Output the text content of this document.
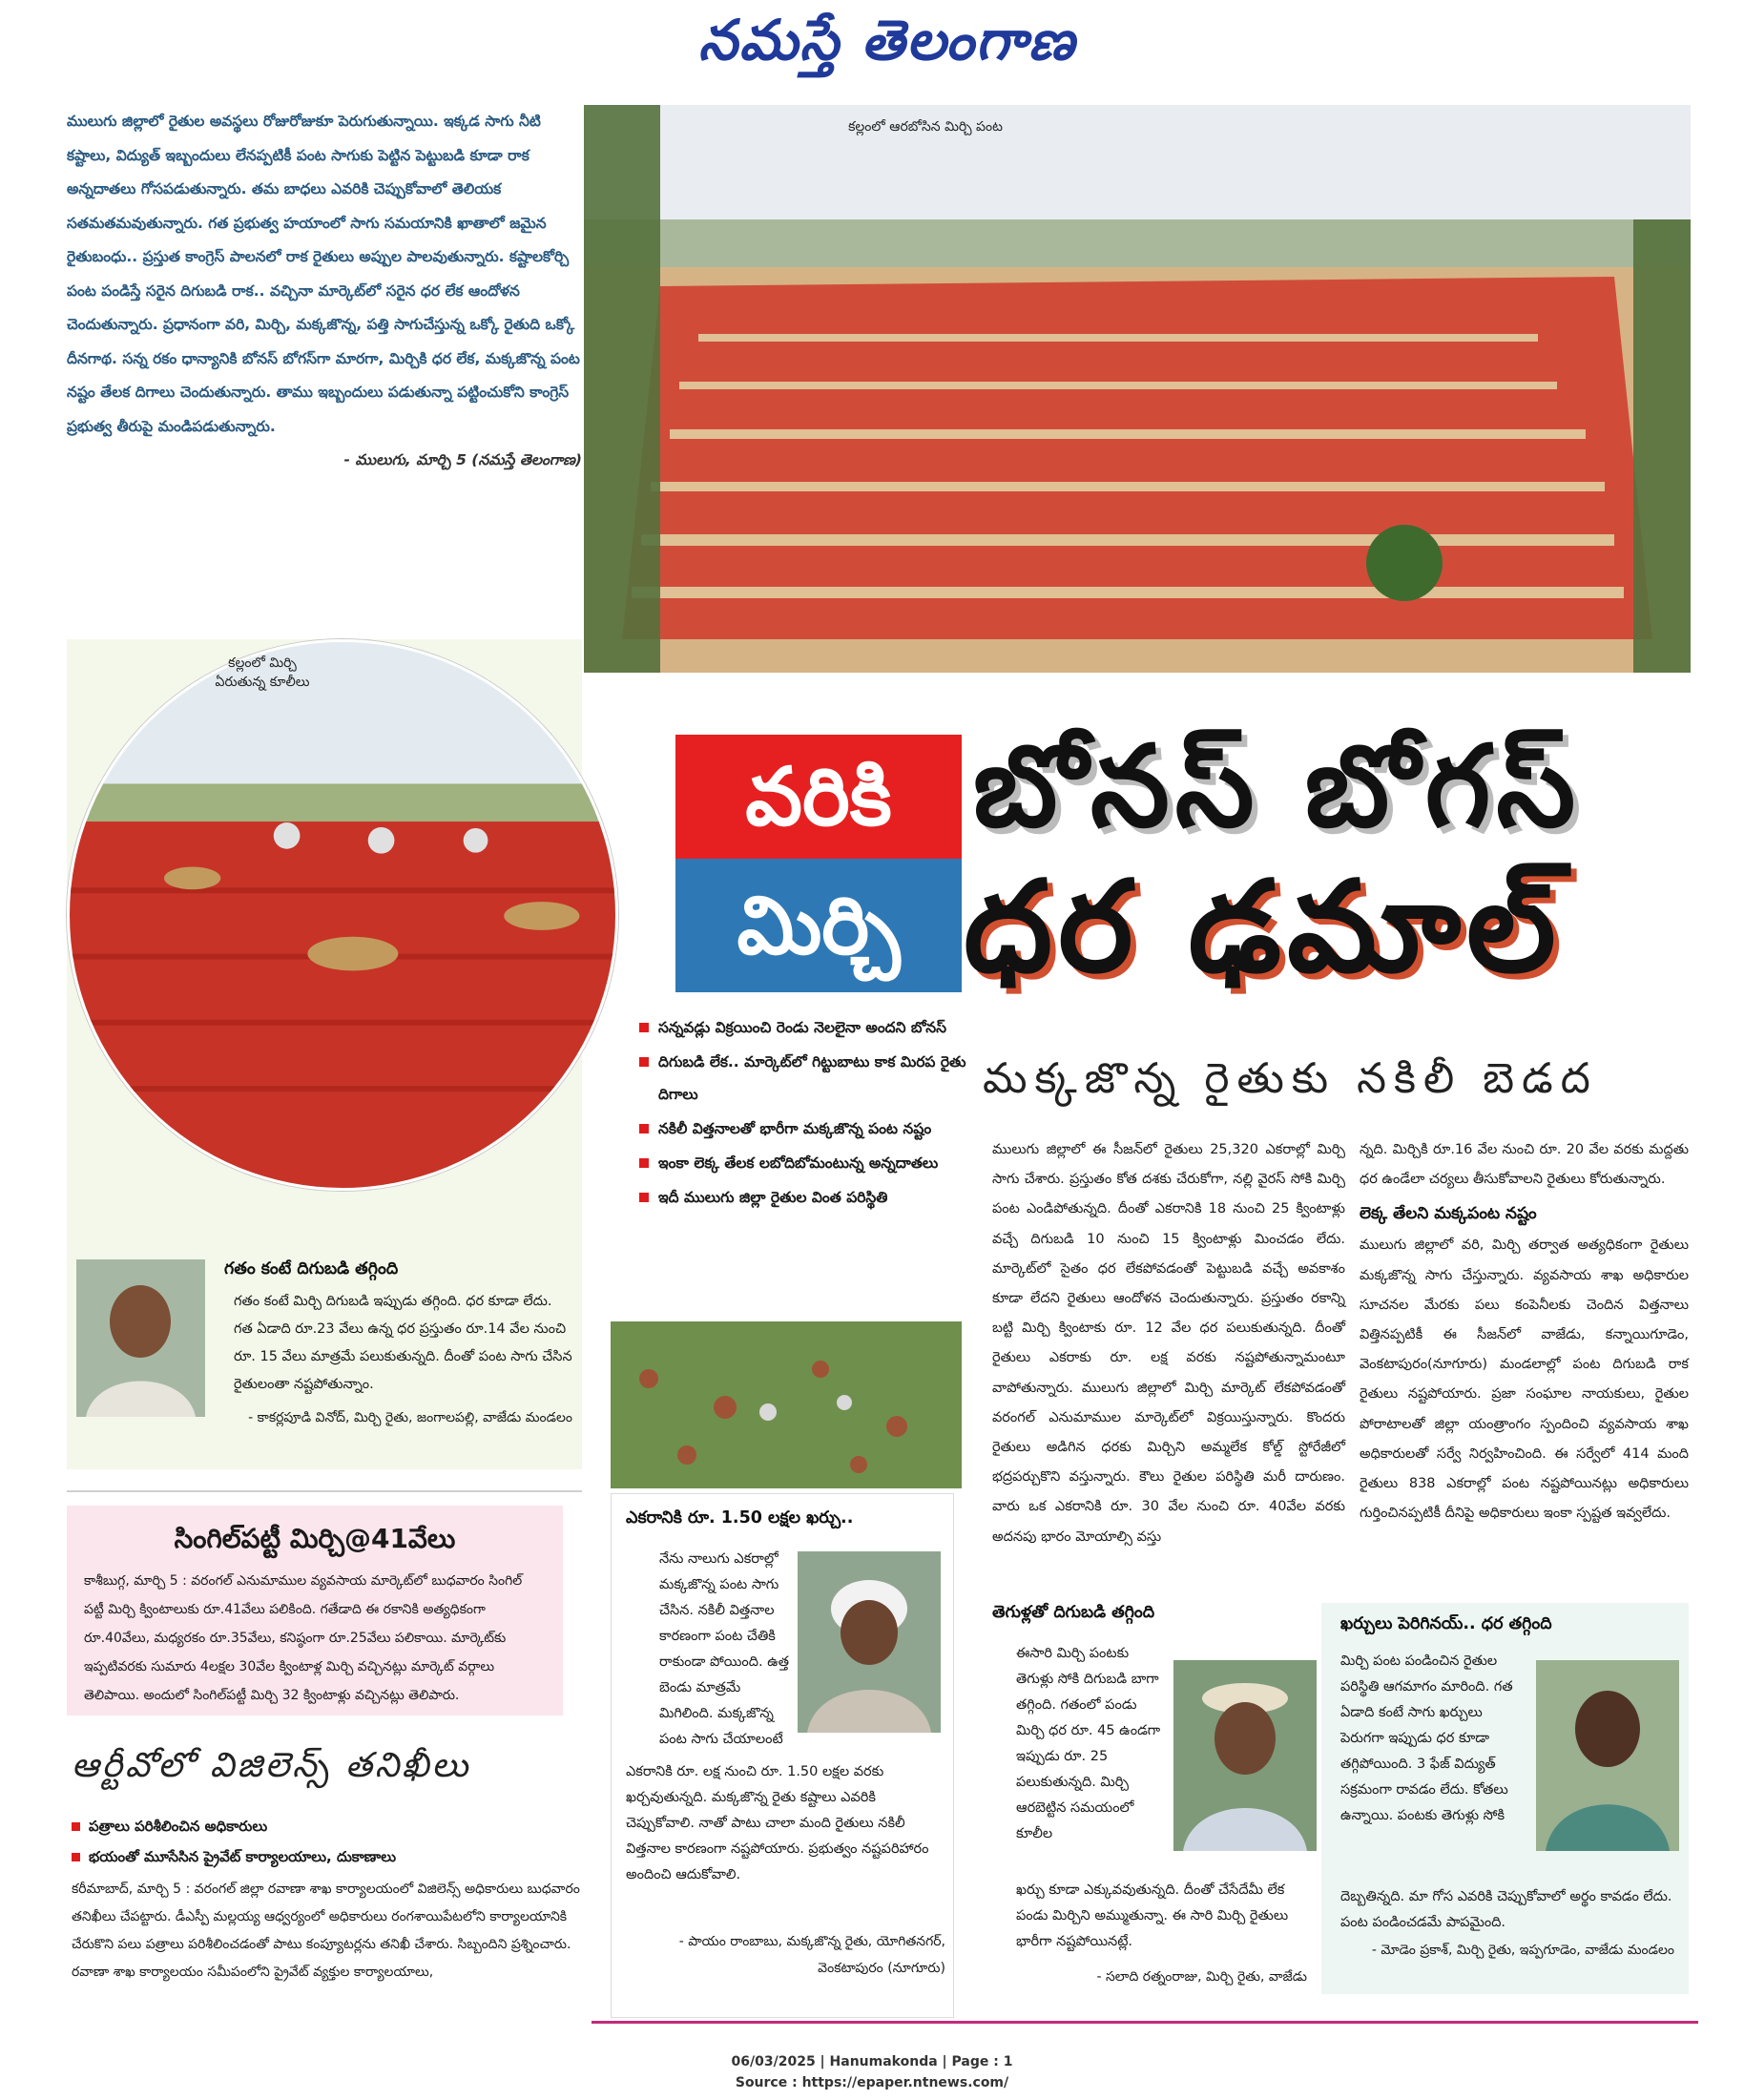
నమస్తే తెలంగాణ
ములుగు జిల్లాలో రైతుల అవస్థలు రోజురోజుకూ పెరుగుతున్నాయి. ఇక్కడ సాగు నీటి కష్టాలు, విద్యుత్ ఇబ్బందులు లేనప్పటికీ పంట సాగుకు పెట్టిన పెట్టుబడి కూడా రాక అన్నదాతలు గోసపడుతున్నారు. తమ బాధలు ఎవరికి చెప్పుకోవాలో తెలియక సతమతమవుతున్నారు. గత ప్రభుత్వ హయాంలో సాగు సమయానికి ఖాతాలో జమైన రైతుబంధు.. ప్రస్తుత కాంగ్రెస్ పాలనలో రాక రైతులు అప్పుల పాలవుతున్నారు. కష్టాలకోర్చి పంట పండిస్తే సరైన దిగుబడి రాక.. వచ్చినా మార్కెట్‌లో సరైన ధర లేక ఆందోళన చెందుతున్నారు. ప్రధానంగా వరి, మిర్చి, మక్కజొన్న, పత్తి సాగుచేస్తున్న ఒక్కో రైతుది ఒక్కో దీనగాథ. సన్న రకం ధాన్యానికి బోనస్ బోగస్‌గా మారగా, మిర్చికి ధర లేక, మక్కజొన్న పంట నష్టం తేలక దిగాలు చెందుతున్నారు. తాము ఇబ్బందులు పడుతున్నా పట్టించుకోని కాంగ్రెస్ ప్రభుత్వ తీరుపై మండిపడుతున్నారు.
- ములుగు, మార్చి 5 (నమస్తే తెలంగాణ)
కల్లంలో ఆరబోసిన మిర్చి పంట
కల్లంలో మిర్చి
ఏరుతున్న కూలీలు
వరికి
మిర్చి
బోనస్ బోగస్
ధర ఢమాల్
సన్నవడ్లు విక్రయించి రెండు నెలలైనా అందని బోనస్
దిగుబడి లేక.. మార్కెట్‌లో గిట్టుబాటు కాక మిరప రైతు దిగాలు
నకిలీ విత్తనాలతో భారీగా మక్కజొన్న పంట నష్టం
ఇంకా లెక్క తేలక లబోదిబోమంటున్న అన్నదాతలు
ఇదీ ములుగు జిల్లా రైతుల వింత పరిస్థితి
మక్కజొన్న రైతుకు నకిలీ బెడద
ములుగు జిల్లాలో ఈ సీజన్‌లో రైతులు 25,320 ఎకరాల్లో మిర్చి సాగు చేశారు. ప్రస్తుతం కోత దశకు చేరుకోగా, నల్లి వైరస్ సోకి మిర్చి పంట ఎండిపోతున్నది. దీంతో ఎకరానికి 18 నుంచి 25 క్వింటాళ్లు వచ్చే దిగుబడి 10 నుంచి 15 క్వింటాళ్లు మించడం లేదు. మార్కెట్‌లో సైతం ధర లేకపోవడంతో పెట్టుబడి వచ్చే అవకాశం కూడా లేదని రైతులు ఆందోళన చెందుతున్నారు. ప్రస్తుతం రకాన్ని బట్టి మిర్చి క్వింటాకు రూ. 12 వేల ధర పలుకుతున్నది. దీంతో రైతులు ఎకరాకు రూ. లక్ష వరకు నష్టపోతున్నామంటూ వాపోతున్నారు. ములుగు జిల్లాలో మిర్చి మార్కెట్ లేకపోవడంతో వరంగల్ ఎనుమాముల మార్కెట్‌లో విక్రయిస్తున్నారు. కొందరు రైతులు అడిగిన ధరకు మిర్చిని అమ్మలేక కోల్డ్ స్టోరేజీలో భద్రపర్చుకొని వస్తున్నారు. కౌలు రైతుల పరిస్థితి మరీ దారుణం. వారు ఒక ఎకరానికి రూ. 30 వేల నుంచి రూ. 40వేల వరకు అదనపు భారం మోయాల్సి వస్తు
న్నది. మిర్చికి రూ.16 వేల నుంచి రూ. 20 వేల వరకు మద్దతు ధర ఉండేలా చర్యలు తీసుకోవాలని రైతులు కోరుతున్నారు.
లెక్క తేలని మక్కపంట నష్టం
ములుగు జిల్లాలో వరి, మిర్చి తర్వాత అత్యధికంగా రైతులు మక్కజొన్న సాగు చేస్తున్నారు. వ్యవసాయ శాఖ అధికారుల సూచనల మేరకు పలు కంపెనీలకు చెందిన విత్తనాలు విత్తినప్పటికీ ఈ సీజన్‌లో వాజేడు, కన్నాయిగూడెం, వెంకటాపురం(నూగూరు) మండలాల్లో పంట దిగుబడి రాక రైతులు నష్టపోయారు. ప్రజా సంఘాల నాయకులు, రైతుల పోరాటాలతో జిల్లా యంత్రాంగం స్పందించి వ్యవసాయ శాఖ అధికారులతో సర్వే నిర్వహించింది. ఈ సర్వేలో 414 మంది రైతులు 838 ఎకరాల్లో పంట నష్టపోయినట్లు అధికారులు గుర్తించినప్పటికీ దీనిపై అధికారులు ఇంకా స్పష్టత ఇవ్వలేదు.
గతం కంటే దిగుబడి తగ్గింది
గతం కంటే మిర్చి దిగుబడి ఇప్పుడు తగ్గింది. ధర కూడా లేదు. గత ఏడాది రూ.23 వేలు ఉన్న ధర ప్రస్తుతం రూ.14 వేల నుంచి రూ. 15 వేలు మాత్రమే పలుకుతున్నది. దీంతో పంట సాగు చేసిన రైతులంతా నష్టపోతున్నాం.
- కాకర్లపూడి వినోద్, మిర్చి రైతు, జంగాలపల్లి, వాజేడు మండలం
సింగిల్‌పట్టీ మిర్చి@41వేలు
కాశీబుగ్గ, మార్చి 5 : వరంగల్ ఎనుమాముల వ్యవసాయ మార్కెట్‌లో బుధవారం సింగిల్ పట్టీ మిర్చి క్వింటాలుకు రూ.41వేలు పలికింది. గతేడాది ఈ రకానికి అత్యధికంగా రూ.40వేలు, మధ్యరకం రూ.35వేలు, కనిష్ఠంగా రూ.25వేలు పలికాయి. మార్కెట్‌కు ఇప్పటివరకు సుమారు 4లక్షల 30వేల క్వింటాళ్ల మిర్చి వచ్చినట్లు మార్కెట్ వర్గాలు తెలిపాయి. అందులో సింగిల్‌పట్టీ మిర్చి 32 క్వింటాళ్లు వచ్చినట్లు తెలిపారు.
ఆర్టీవోలో విజిలెన్స్ తనిఖీలు
పత్రాలు పరిశీలించిన అధికారులు
భయంతో మూసేసిన ప్రైవేట్ కార్యాలయాలు, దుకాణాలు
కరీమాబాద్, మార్చి 5 : వరంగల్ జిల్లా రవాణా శాఖ కార్యాలయంలో విజిలెన్స్ అధికారులు బుధవారం తనిఖీలు చేపట్టారు. డీఎస్పీ మల్లయ్య ఆధ్వర్యంలో అధికారులు రంగశాయిపేటలోని కార్యాలయానికి చేరుకొని పలు పత్రాలు పరిశీలించడంతో పాటు కంప్యూటర్లను తనిఖీ చేశారు. సిబ్బందిని ప్రశ్నించారు. రవాణా శాఖ కార్యాలయం సమీపంలోని ప్రైవేట్ వ్యక్తుల కార్యాలయాలు,
ఎకరానికి రూ. 1.50 లక్షల ఖర్చు..
నేను నాలుగు ఎకరాల్లో మక్కజొన్న పంట సాగు చేసిన. నకిలీ విత్తనాల కారణంగా పంట చేతికి రాకుండా పోయింది. ఉత్త బెండు మాత్రమే మిగిలింది. మక్కజొన్న పంట సాగు చేయాలంటే
ఎకరానికి రూ. లక్ష నుంచి రూ. 1.50 లక్షల వరకు ఖర్చవుతున్నది. మక్కజొన్న రైతు కష్టాలు ఎవరికి చెప్పుకోవాలి. నాతో పాటు చాలా మంది రైతులు నకిలీ విత్తనాల కారణంగా నష్టపోయారు. ప్రభుత్వం నష్టపరిహారం అందించి ఆదుకోవాలి.
- పాయం రాంబాబు, మక్కజొన్న రైతు, యోగితనగర్, వెంకటాపురం (నూగూరు)
తెగుళ్లతో దిగుబడి తగ్గింది
ఈసారి మిర్చి పంటకు తెగుళ్లు సోకి దిగుబడి బాగా తగ్గింది. గతంలో పండు మిర్చి ధర రూ. 45 ఉండగా ఇప్పుడు రూ. 25 పలుకుతున్నది. మిర్చి ఆరబెట్టిన సమయంలో కూలీల
ఖర్చు కూడా ఎక్కువవుతున్నది. దీంతో చేసేదేమీ లేక పండు మిర్చిని అమ్ముతున్నా. ఈ సారి మిర్చి రైతులు భారీగా నష్టపోయినట్లే.
- సలాది రత్నంరాజు, మిర్చి రైతు, వాజేడు
ఖర్చులు పెరిగినయ్.. ధర తగ్గింది
మిర్చి పంట పండించిన రైతుల పరిస్థితి ఆగమాగం మారింది. గత ఏడాది కంటే సాగు ఖర్చులు పెరుగగా ఇప్పుడు ధర కూడా తగ్గిపోయింది. 3 ఫేజ్ విద్యుత్ సక్రమంగా రావడం లేదు. కోతలు ఉన్నాయి. పంటకు తెగుళ్లు సోకి
దెబ్బతిన్నది. మా గోస ఎవరికి చెప్పుకోవాలో అర్థం కావడం లేదు. పంట పండించడమే పాపమైంది.
- మోడెం ప్రకాశ్, మిర్చి రైతు, ఇప్పగూడెం, వాజేడు మండలం
06/03/2025 | Hanumakonda | Page : 1
Source : https://epaper.ntnews.com/
